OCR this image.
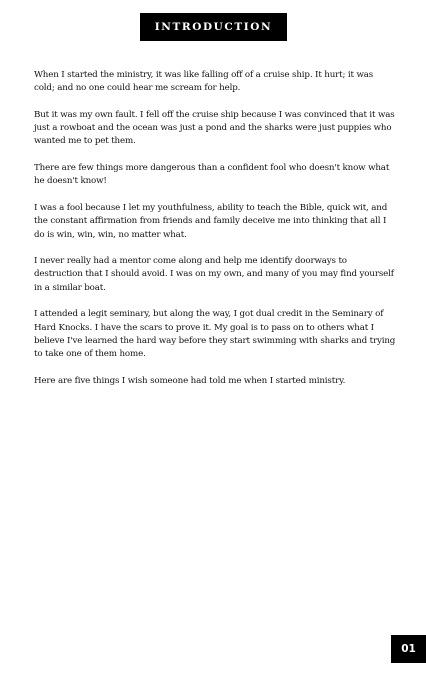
INTRODUCTION

When I started the ministry, it was like falling off of a cruise ship. It hurt; it was cold; and no one could hear me scream for help.

But it was my own fault. I fell off the cruise ship because I was convinced that it was just a rowboat and the ocean was just a pond and the sharks were just puppies who wanted me to pet them.

There are few things more dangerous than a confident fool who doesn't know what he doesn't know!

I was a fool because I let my youthfulness, ability to teach the Bible, quick wit, and the constant affirmation from friends and family deceive me into thinking that all I do is win, win, win, no matter what.

I never really had a mentor come along and help me identify doorways to destruction that I should avoid. I was on my own, and many of you may find yourself in a similar boat.

I attended a legit seminary, but along the way, I got dual credit in the Seminary of Hard Knocks. I have the scars to prove it. My goal is to pass on to others what I believe I've learned the hard way before they start swimming with sharks and trying to take one of them home.

Here are five things I wish someone had told me when I started ministry.

01
